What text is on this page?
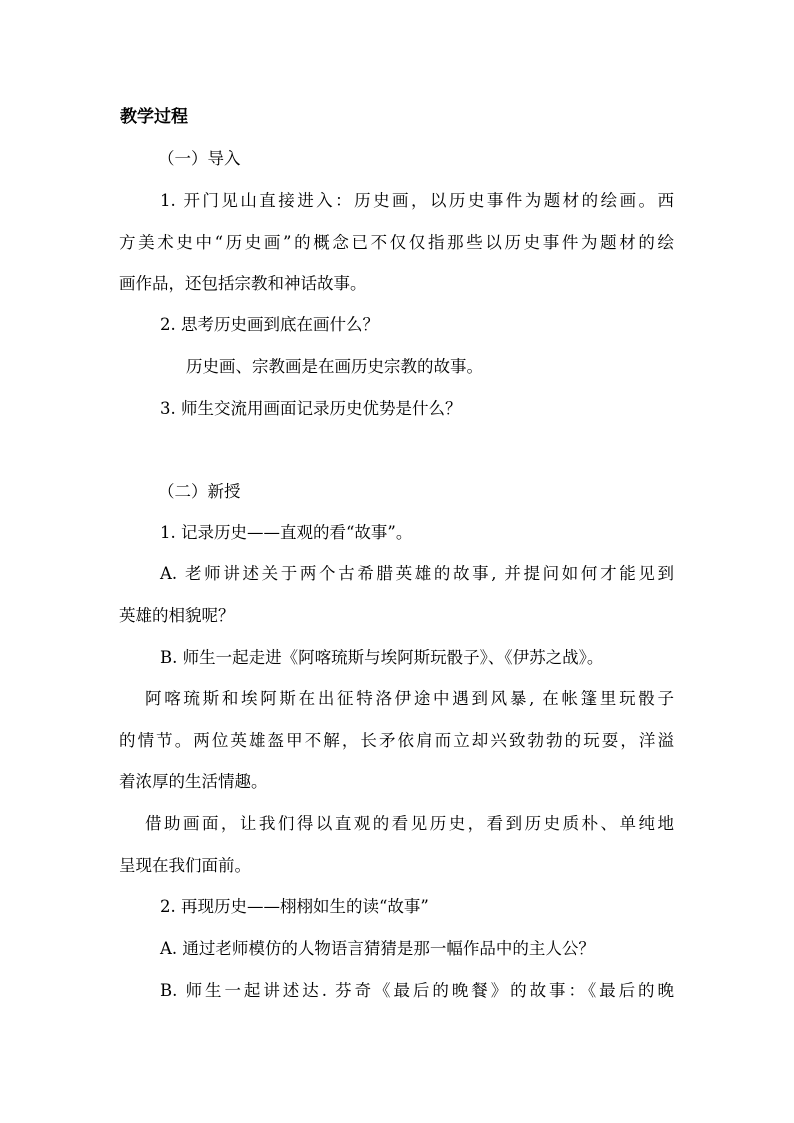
教学过程
（一）导入
1. 开门见山直接进入：历史画，以历史事件为题材的绘画。西
方美术史中“历史画”的概念已不仅仅指那些以历史事件为题材的绘
画作品，还包括宗教和神话故事。
2. 思考历史画到底在画什么？
历史画、宗教画是在画历史宗教的故事。
3. 师生交流用画面记录历史优势是什么？
（二）新授
1. 记录历史——直观的看“故事”。
A. 老师讲述关于两个古希腊英雄的故事, 并提问如何才能见到
英雄的相貌呢？
B. 师生一起走进《阿喀琉斯与埃阿斯玩骰子》、《伊苏之战》。
阿喀琉斯和埃阿斯在出征特洛伊途中遇到风暴, 在帐篷里玩骰子
的情节。两位英雄盔甲不解，长矛依肩而立却兴致勃勃的玩耍，洋溢
着浓厚的生活情趣。
借助画面，让我们得以直观的看见历史，看到历史质朴、单纯地
呈现在我们面前。
2. 再现历史——栩栩如生的读“故事”
A. 通过老师模仿的人物语言猜猜是那一幅作品中的主人公？
B. 师生一起讲述达. 芬奇《最后的晚餐》的故事：《最后的晚
